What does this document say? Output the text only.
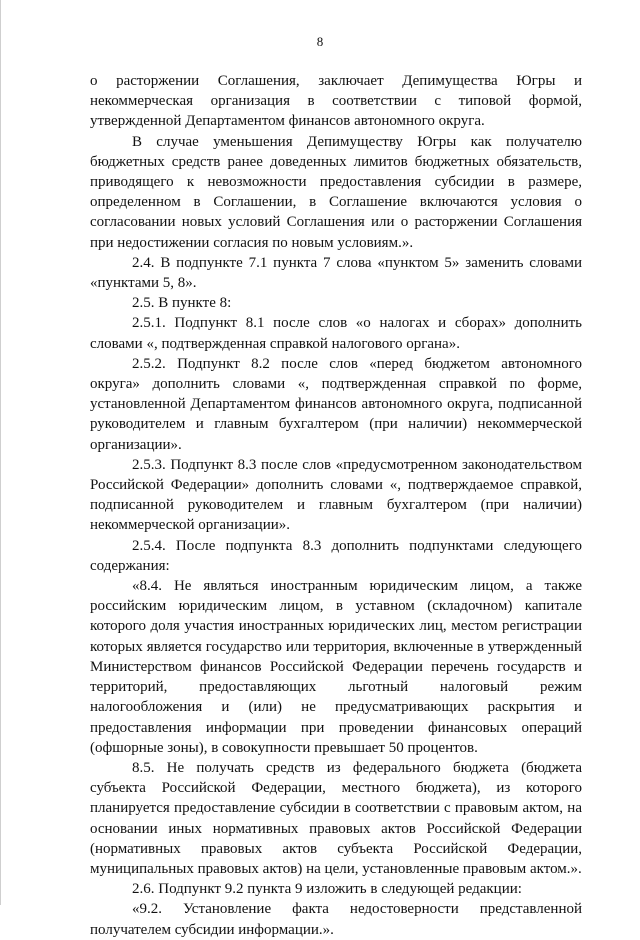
8

о расторжении Соглашения, заключает Депимущества Югры и некоммерческая организация в соответствии с типовой формой, утвержденной Департаментом финансов автономного округа.

В случае уменьшения Депимуществу Югры как получателю бюджетных средств ранее доведенных лимитов бюджетных обязательств, приводящего к невозможности предоставления субсидии в размере, определенном в Соглашении, в Соглашение включаются условия о согласовании новых условий Соглашения или о расторжении Соглашения при недостижении согласия по новым условиям.».

2.4. В подпункте 7.1 пункта 7 слова «пунктом 5» заменить словами «пунктами 5, 8».

2.5. В пункте 8:

2.5.1. Подпункт 8.1 после слов «о налогах и сборах» дополнить словами «, подтвержденная справкой налогового органа».

2.5.2. Подпункт 8.2 после слов «перед бюджетом автономного округа» дополнить словами «, подтвержденная справкой по форме, установленной Департаментом финансов автономного округа, подписанной руководителем и главным бухгалтером (при наличии) некоммерческой организации».

2.5.3. Подпункт 8.3 после слов «предусмотренном законодательством Российской Федерации» дополнить словами «, подтверждаемое справкой, подписанной руководителем и главным бухгалтером (при наличии) некоммерческой организации».

2.5.4. После подпункта 8.3 дополнить подпунктами следующего содержания:

«8.4. Не являться иностранным юридическим лицом, а также российским юридическим лицом, в уставном (складочном) капитале которого доля участия иностранных юридических лиц, местом регистрации которых является государство или территория, включенные в утвержденный Министерством финансов Российской Федерации перечень государств и территорий, предоставляющих льготный налоговый режим налогообложения и (или) не предусматривающих раскрытия и предоставления информации при проведении финансовых операций (офшорные зоны), в совокупности превышает 50 процентов.

8.5. Не получать средств из федерального бюджета (бюджета субъекта Российской Федерации, местного бюджета), из которого планируется предоставление субсидии в соответствии с правовым актом, на основании иных нормативных правовых актов Российской Федерации (нормативных правовых актов субъекта Российской Федерации, муниципальных правовых актов) на цели, установленные правовым актом.».

2.6. Подпункт 9.2 пункта 9 изложить в следующей редакции:

«9.2. Установление факта недостоверности представленной получателем субсидии информации.».
